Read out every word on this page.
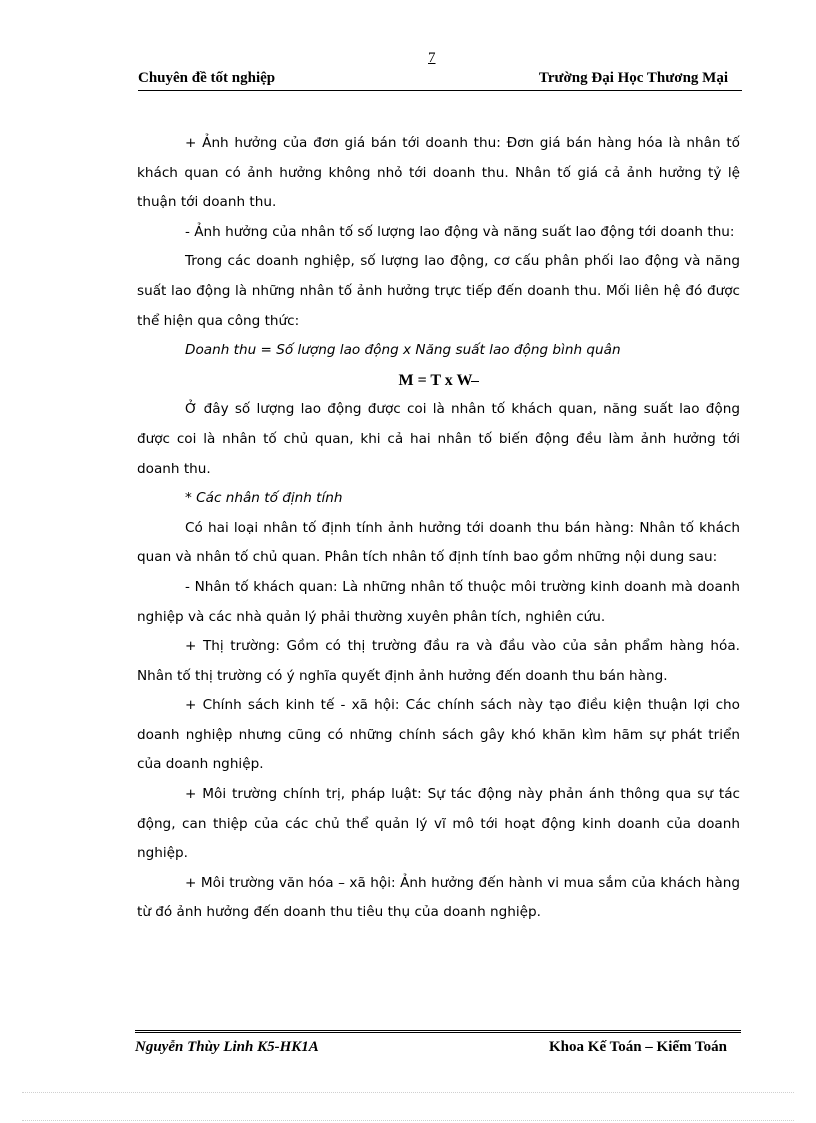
7
Chuyên đề tốt nghiệp	Trường Đại Học Thương Mại

+ Ảnh hưởng của đơn giá bán tới doanh thu: Đơn giá bán hàng hóa là nhân tố khách quan có ảnh hưởng không nhỏ tới doanh thu. Nhân tố giá cả ảnh hưởng tỷ lệ thuận tới doanh thu.

- Ảnh hưởng của nhân tố số lượng lao động và năng suất lao động tới doanh thu:

Trong các doanh nghiệp, số lượng lao động, cơ cấu phân phối lao động và năng suất lao động là những nhân tố ảnh hưởng trực tiếp đến doanh thu. Mối liên hệ đó được thể hiện qua công thức:

Doanh thu = Số lượng lao động x Năng suất lao động bình quân

M = T x W

Ở đây số lượng lao động được coi là nhân tố khách quan, năng suất lao động được coi là nhân tố chủ quan, khi cả hai nhân tố biến động đều làm ảnh hưởng tới doanh thu.

* Các nhân tố định tính

Có hai loại nhân tố định tính ảnh hưởng tới doanh thu bán hàng: Nhân tố khách quan và nhân tố chủ quan. Phân tích nhân tố định tính bao gồm những nội dung sau:

- Nhân tố khách quan: Là những nhân tố thuộc môi trường kinh doanh mà doanh nghiệp và các nhà quản lý phải thường xuyên phân tích, nghiên cứu.

+ Thị trường: Gồm có thị trường đầu ra và đầu vào của sản phẩm hàng hóa. Nhân tố thị trường có ý nghĩa quyết định ảnh hưởng đến doanh thu bán hàng.

+ Chính sách kinh tế - xã hội: Các chính sách này tạo điều kiện thuận lợi cho doanh nghiệp nhưng cũng có những chính sách gây khó khăn kìm hãm sự phát triển của doanh nghiệp.

+ Môi trường chính trị, pháp luật: Sự tác động này phản ánh thông qua sự tác động, can thiệp của các chủ thể quản lý vĩ mô tới hoạt động kinh doanh của doanh nghiệp.

+ Môi trường văn hóa – xã hội: Ảnh hưởng đến hành vi mua sắm của khách hàng từ đó ảnh hưởng đến doanh thu tiêu thụ của doanh nghiệp.

Nguyễn Thùy Linh K5-HK1A	Khoa Kế Toán – Kiểm Toán
